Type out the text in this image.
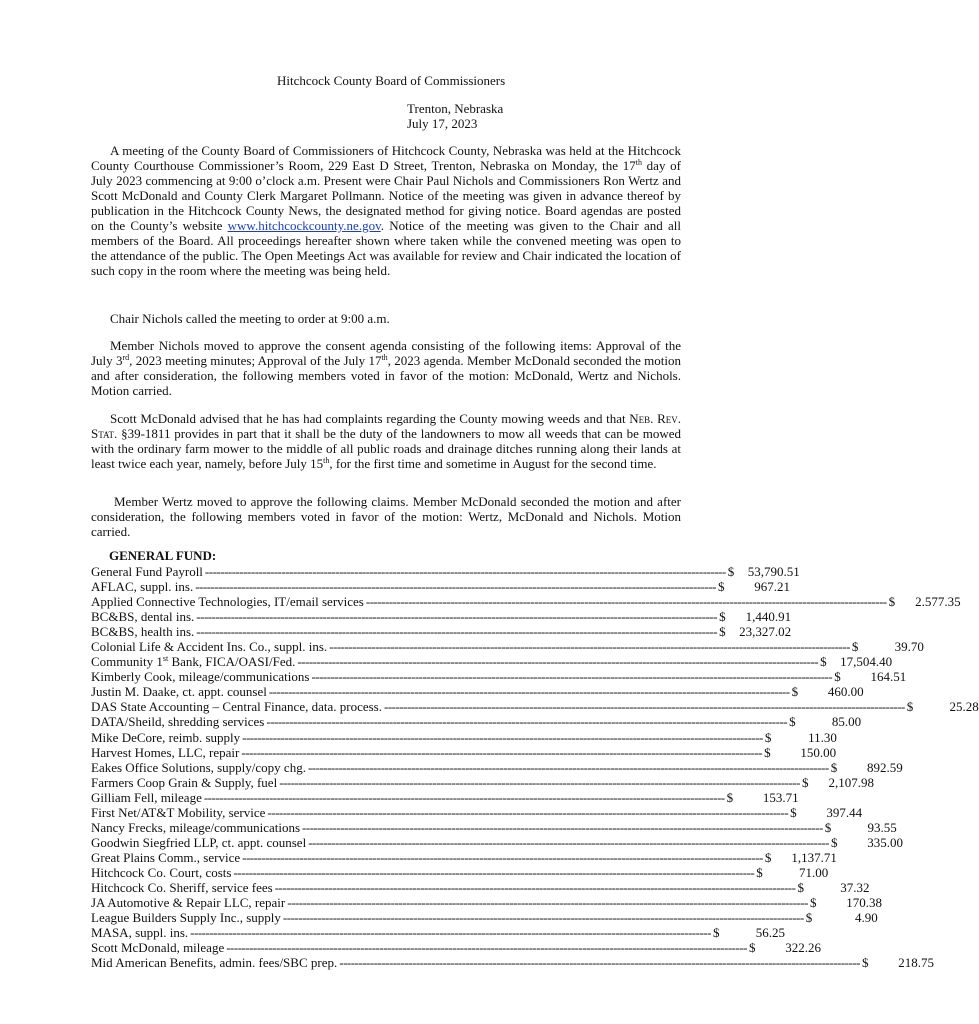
Hitchcock County Board of Commissioners
Trenton, Nebraska
July 17, 2023
A meeting of the County Board of Commissioners of Hitchcock County, Nebraska was held at the Hitchcock County Courthouse Commissioner’s Room, 229 East D Street, Trenton, Nebraska on Monday, the 17th day of July 2023 commencing at 9:00 o’clock a.m. Present were Chair Paul Nichols and Commissioners Ron Wertz and Scott McDonald and County Clerk Margaret Pollmann. Notice of the meeting was given in advance thereof by publication in the Hitchcock County News, the designated method for giving notice. Board agendas are posted on the County’s website www.hitchcockcounty.ne.gov. Notice of the meeting was given to the Chair and all members of the Board. All proceedings hereafter shown where taken while the convened meeting was open to the attendance of the public. The Open Meetings Act was available for review and Chair indicated the location of such copy in the room where the meeting was being held.
Chair Nichols called the meeting to order at 9:00 a.m.
Member Nichols moved to approve the consent agenda consisting of the following items: Approval of the July 3rd, 2023 meeting minutes; Approval of the July 17th, 2023 agenda. Member McDonald seconded the motion and after consideration, the following members voted in favor of the motion: McDonald, Wertz and Nichols. Motion carried.
Scott McDonald advised that he has had complaints regarding the County mowing weeds and that Neb. Rev. Stat. §39-1811 provides in part that it shall be the duty of the landowners to mow all weeds that can be mowed with the ordinary farm mower to the middle of all public roads and drainage ditches running along their lands at least twice each year, namely, before July 15th, for the first time and sometime in August for the second time.
Member Wertz moved to approve the following claims. Member McDonald seconded the motion and after consideration, the following members voted in favor of the motion: Wertz, McDonald and Nichols. Motion carried.
GENERAL FUND:
General Fund Payroll ---------------------------------------------------------------------------------------------------------------------------------------- $	53,790.51
AFLAC, suppl. ins. ---------------------------------------------------------------------------------------------------------------------------------------- $	967.21
Applied Connective Technologies, IT/email services ---------------------------------------------------------------------------------------------------------------------------------------- $	2.577.35
BC&BS, dental ins. ---------------------------------------------------------------------------------------------------------------------------------------- $	1,440.91
BC&BS, health ins. ---------------------------------------------------------------------------------------------------------------------------------------- $	23,327.02
Colonial Life & Accident Ins. Co., suppl. ins. ---------------------------------------------------------------------------------------------------------------------------------------- $	39.70
Community 1st Bank, FICA/OASI/Fed. ---------------------------------------------------------------------------------------------------------------------------------------- $	17,504.40
Kimberly Cook, mileage/communications ---------------------------------------------------------------------------------------------------------------------------------------- $	164.51
Justin M. Daake, ct. appt. counsel ---------------------------------------------------------------------------------------------------------------------------------------- $	460.00
DAS State Accounting – Central Finance, data. process. ---------------------------------------------------------------------------------------------------------------------------------------- $	25.28
DATA/Sheild, shredding services ---------------------------------------------------------------------------------------------------------------------------------------- $	85.00
Mike DeCore, reimb. supply ---------------------------------------------------------------------------------------------------------------------------------------- $	11.30
Harvest Homes, LLC, repair ---------------------------------------------------------------------------------------------------------------------------------------- $	150.00
Eakes Office Solutions, supply/copy chg. ---------------------------------------------------------------------------------------------------------------------------------------- $	892.59
Farmers Coop Grain & Supply, fuel ---------------------------------------------------------------------------------------------------------------------------------------- $	2,107.98
Gilliam Fell, mileage ---------------------------------------------------------------------------------------------------------------------------------------- $	153.71
First Net/AT&T Mobility, service ---------------------------------------------------------------------------------------------------------------------------------------- $	397.44
Nancy Frecks, mileage/communications ---------------------------------------------------------------------------------------------------------------------------------------- $	93.55
Goodwin Siegfried LLP, ct. appt. counsel ---------------------------------------------------------------------------------------------------------------------------------------- $	335.00
Great Plains Comm., service ---------------------------------------------------------------------------------------------------------------------------------------- $	1,137.71
Hitchcock Co. Court, costs ---------------------------------------------------------------------------------------------------------------------------------------- $	71.00
Hitchcock Co. Sheriff, service fees ---------------------------------------------------------------------------------------------------------------------------------------- $	37.32
JA Automotive & Repair LLC, repair ---------------------------------------------------------------------------------------------------------------------------------------- $	170.38
League Builders Supply Inc., supply ---------------------------------------------------------------------------------------------------------------------------------------- $	4.90
MASA, suppl. ins. ---------------------------------------------------------------------------------------------------------------------------------------- $	56.25
Scott McDonald, mileage ---------------------------------------------------------------------------------------------------------------------------------------- $	322.26
Mid American Benefits, admin. fees/SBC prep. ---------------------------------------------------------------------------------------------------------------------------------------- $	218.75
